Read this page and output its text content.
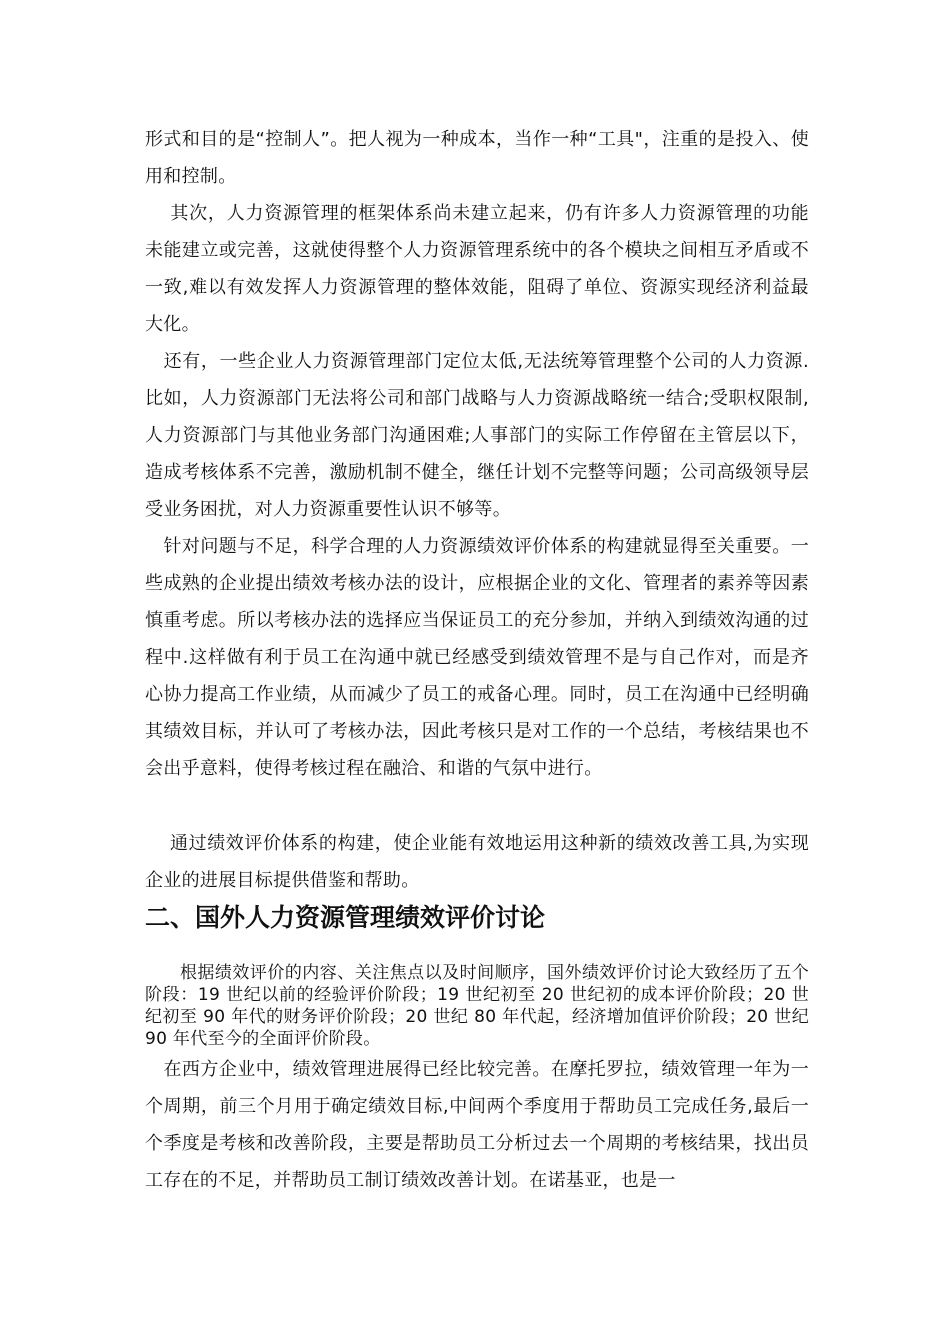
形式和目的是“控制人”。把人视为一种成本，当作一种“工具"，注重的是投入、使用和控制。

　 其次，人力资源管理的框架体系尚未建立起来，仍有许多人力资源管理的功能未能建立或完善，这就使得整个人力资源管理系统中的各个模块之间相互矛盾或不一致,难以有效发挥人力资源管理的整体效能，阻碍了单位、资源实现经济利益最大化。

　还有，一些企业人力资源管理部门定位太低,无法统筹管理整个公司的人力资源.比如，人力资源部门无法将公司和部门战略与人力资源战略统一结合;受职权限制,人力资源部门与其他业务部门沟通困难;人事部门的实际工作停留在主管层以下，造成考核体系不完善，激励机制不健全，继任计划不完整等问题；公司高级领导层受业务困扰，对人力资源重要性认识不够等。

　针对问题与不足，科学合理的人力资源绩效评价体系的构建就显得至关重要。一些成熟的企业提出绩效考核办法的设计，应根据企业的文化、管理者的素养等因素慎重考虑。所以考核办法的选择应当保证员工的充分参加，并纳入到绩效沟通的过程中.这样做有利于员工在沟通中就已经感受到绩效管理不是与自己作对，而是齐心协力提高工作业绩，从而减少了员工的戒备心理。同时，员工在沟通中已经明确其绩效目标，并认可了考核办法，因此考核只是对工作的一个总结，考核结果也不会出乎意料，使得考核过程在融洽、和谐的气氛中进行。

　 通过绩效评价体系的构建，使企业能有效地运用这种新的绩效改善工具,为实现企业的进展目标提供借鉴和帮助。

二、国外人力资源管理绩效评价讨论

　　根据绩效评价的内容、关注焦点以及时间顺序，国外绩效评价讨论大致经历了五个阶段：19 世纪以前的经验评价阶段；19 世纪初至 20 世纪初的成本评价阶段；20 世纪初至 90 年代的财务评价阶段；20 世纪 80 年代起，经济增加值评价阶段；20 世纪 90 年代至今的全面评价阶段。

　在西方企业中，绩效管理进展得已经比较完善。在摩托罗拉，绩效管理一年为一个周期，前三个月用于确定绩效目标,中间两个季度用于帮助员工完成任务,最后一个季度是考核和改善阶段，主要是帮助员工分析过去一个周期的考核结果，找出员工存在的不足，并帮助员工制订绩效改善计划。在诺基亚，也是一
